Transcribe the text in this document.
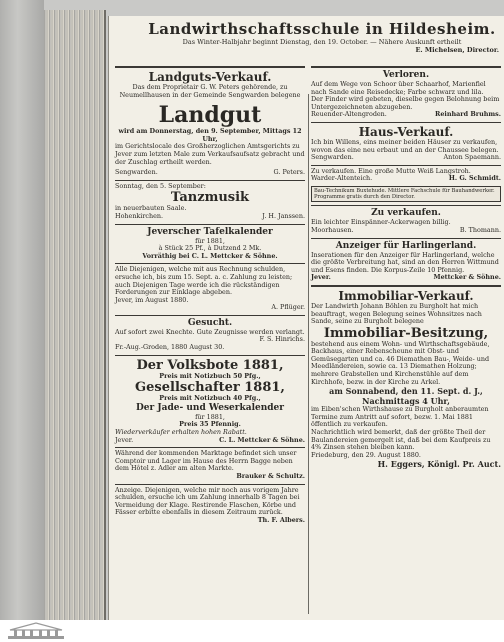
Landwirthschaftsschule in Hildesheim.
Das Winter-Halbjahr beginnt Dienstag, den 19. October. — Nähere Auskunft ertheilt
E. Michelsen, Director.
Landguts-Verkauf.
Das dem Proprietair G. W. Peters gehörende, zu Neumellhausen in der Gemeinde Sengwarden belegene
Landgut
wird am Donnerstag, den 9. September, Mittags 12 Uhr,
im Gerichtslocale des Großherzoglichen Amtsgerichts zu Jever zum letzten Male zum Verkaufsaufsatz gebracht und der Zuschlag ertheilt werden.
Sengwarden.	G. Peters.
Sonntag, den 5. September:
Tanzmusik
in neuerbauten Saale.
Hohenkirchen.	J. H. Janssen.
Jeverscher Tafelkalender
für 1881,
à Stück 25 Pf., à Dutzend 2 Mk.
Vorräthig bei C. L. Mettcker & Söhne.
Alle Diejenigen, welche mit aus Rechnung schulden, ersuche ich, bis zum 15. Sept. a. c. Zahlung zu leisten; auch Diejenigen Tage werde ich die rückständigen Forderungen zur Einklage abgeben.
Jever, im August 1880.
A. Pflüger.
Gesucht.
Auf sofort zwei Knechte. Gute Zeugnisse werden verlangt.
F. S. Hinrichs.
Fr.-Aug.-Groden, 1880 August 30.
Der Volksbote 1881,
Preis mit Notizbuch 50 Pfg.,
Gesellschafter 1881,
Preis mit Notizbuch 40 Pfg.,
Der Jade- und Weserkalender
für 1881,
Preis 35 Pfennig.
Wiederverkäufer erhalten hohen Rabatt.
Jever.	C. L. Mettcker & Söhne.
Während der kommenden Marktage befindet sich unser Comptoir und Lager im Hause des Herrn Bagge neben dem Hôtel z. Adler am alten Markte.
Brauker & Schultz.
Anzeige. Diejenigen, welche mir noch aus vorigem Jahre schulden, ersuche ich um Zahlung innerhalb 8 Tagen bei Vermeidung der Klage. Restirende Flaschen, Körbe und Fässer erbitte ebenfalls in diesem Zeitraum zurück.
Th. F. Albers.
Verloren.
Auf dem Wege von Schoor über Schaarhof, Marienfiel nach Sande eine Reisedecke; Farbe schwarz und lila.
Der Finder wird gebeten, dieselbe gegen Belohnung beim Untergezeichneten abzugeben.
Reuender-Altengroden.	Reinhard Bruhms.
Haus-Verkauf.
Ich bin Willens, eins meiner beiden Häuser zu verkaufen, wovon das eine neu erbaut und an der Chaussee belegen.
Sengwarden.	Anton Spaemann.
Zu verkaufen. Eine große Mutte Weiß Langstroh.
Warder-Altenteich.	H. G. Schmidt.
Bau-Technikum Buxtehude. Mittlere Fachschule für Bauhandwerker. Programme gratis durch den Director.
Zu verkaufen.
Ein leichter Einspänner-Ackerwagen billig.
Moorhausen.	B. Thomann.
Anzeiger für Harlingerland.
Inserationen für den Anzeiger für Harlingerland, welche die größte Verbreitung hat, sind an den Herren Wittmund und Esens finden. Die Korpus-Zeile 10 Pfennig.
Jever.	Mettcker & Söhne.
Immobiliar-Verkauf.
Der Landwirth Johann Böhlen zu Burgholt hat mich beauftragt, wegen Belegung seines Wohnsitzes nach Sande, seine zu Burgholt belegene
Immobiliar-Besitzung,
bestehend aus einem Wohn- und Wirthschaftsgebäude, Backhaus, einer Rebenscheune mit Obst- und Gemüsegarten und ca. 46 Diemathen Bau-, Weide- und Meedländereien, sowie ca. 13 Diemathen Holzung; mehrere Grabstellen und Kirchenstühle auf dem Kirchhofe, bezw. in der Kirche zu Arkel.
am Sonnabend, den 11. Sept. d. J., Nachmittags 4 Uhr,
im Eiben'schen Wirthshause zu Burgholt anberaumten Termine zum Antritt auf sofort, bezw. 1. Mai 1881 öffentlich zu verkaufen.
Nachrichtlich wird bemerkt, daß der größte Theil der Baulandereien gemergelt ist, daß bei dem Kaufpreis zu 4% Zinsen stehen bleiben kann.
Friedeburg, den 29. August 1880.
H. Eggers, Königl. Pr. Auct.
